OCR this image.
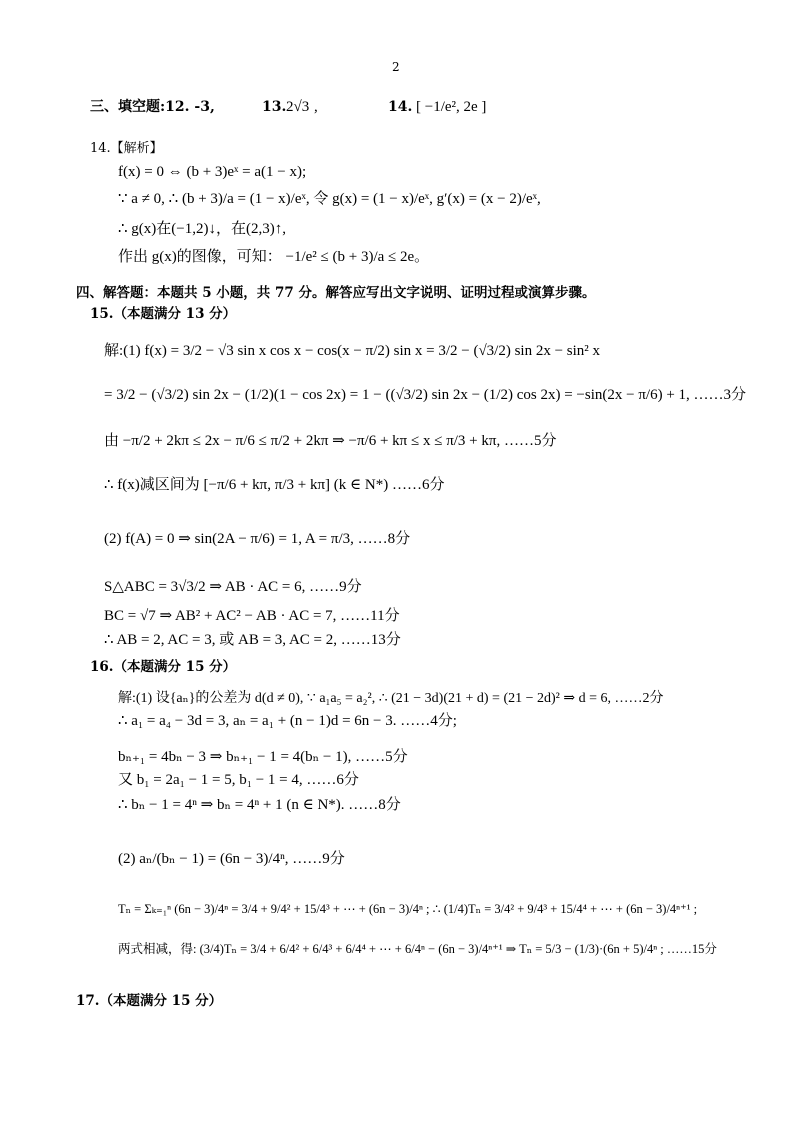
2
三、填空题:12. -3,	13. 2√3 ,	14. [ −1/e², 2e ]
14.【解析】
f(x) = 0 ⇔ (b + 3)eˣ = a(1 − x);
∵ a ≠ 0, ∴ (b + 3)/a = (1 − x)/eˣ, 令 g(x) = (1 − x)/eˣ, g′(x) = (x − 2)/eˣ,
∴ g(x)在(−1,2)↓，在(2,3)↑,
作出 g(x)的图像，可知： −1/e² ≤ (b + 3)/a ≤ 2e。
四、解答题：本题共 5 小题，共 77 分。解答应写出文字说明、证明过程或演算步骤。
15.（本题满分 13 分）
解:(1) f(x) = 3/2 − √3 sin x cos x − cos(x − π/2) sin x = 3/2 − (√3/2) sin 2x − sin² x
= 3/2 − (√3/2) sin 2x − (1/2)(1 − cos 2x) = 1 − ((√3/2) sin 2x − (1/2) cos 2x) = −sin(2x − π/6) + 1, ……3分
由 −π/2 + 2kπ ≤ 2x − π/6 ≤ π/2 + 2kπ ⇒ −π/6 + kπ ≤ x ≤ π/3 + kπ, ……5分
∴ f(x)减区间为 [−π/6 + kπ, π/3 + kπ] (k ∈ N*) ……6分
(2) f(A) = 0 ⇒ sin(2A − π/6) = 1, A = π/3, ……8分
S△ABC = 3√3/2 ⇒ AB · AC = 6, ……9分
BC = √7 ⇒ AB² + AC² − AB · AC = 7, ……11分
∴ AB = 2, AC = 3, 或 AB = 3, AC = 2, ……13分
16.（本题满分 15 分）
解:(1) 设{aₙ}的公差为 d(d ≠ 0), ∵ a₁a₅ = a₂², ∴ (21 − 3d)(21 + d) = (21 − 2d)² ⇒ d = 6, ……2分
∴ a₁ = a₄ − 3d = 3, aₙ = a₁ + (n − 1)d = 6n − 3. ……4分;
bₙ₊₁ = 4bₙ − 3 ⇒ bₙ₊₁ − 1 = 4(bₙ − 1), ……5分
又 b₁ = 2a₁ − 1 = 5, b₁ − 1 = 4, ……6分
∴ bₙ − 1 = 4ⁿ ⇒ bₙ = 4ⁿ + 1 (n ∈ N*). ……8分
(2) aₙ/(bₙ − 1) = (6n − 3)/4ⁿ, ……9分
Tₙ = Σₖ₌₁ⁿ (6n − 3)/4ⁿ = 3/4 + 9/4² + 15/4³ + ⋯ + (6n − 3)/4ⁿ ; ∴ (1/4)Tₙ = 3/4² + 9/4³ + 15/4⁴ + ⋯ + (6n − 3)/4ⁿ⁺¹ ;
两式相减，得: (3/4)Tₙ = 3/4 + 6/4² + 6/4³ + 6/4⁴ + ⋯ + 6/4ⁿ − (6n − 3)/4ⁿ⁺¹ ⇒ Tₙ = 5/3 − (1/3)·(6n + 5)/4ⁿ ; ……15分
17.（本题满分 15 分）
